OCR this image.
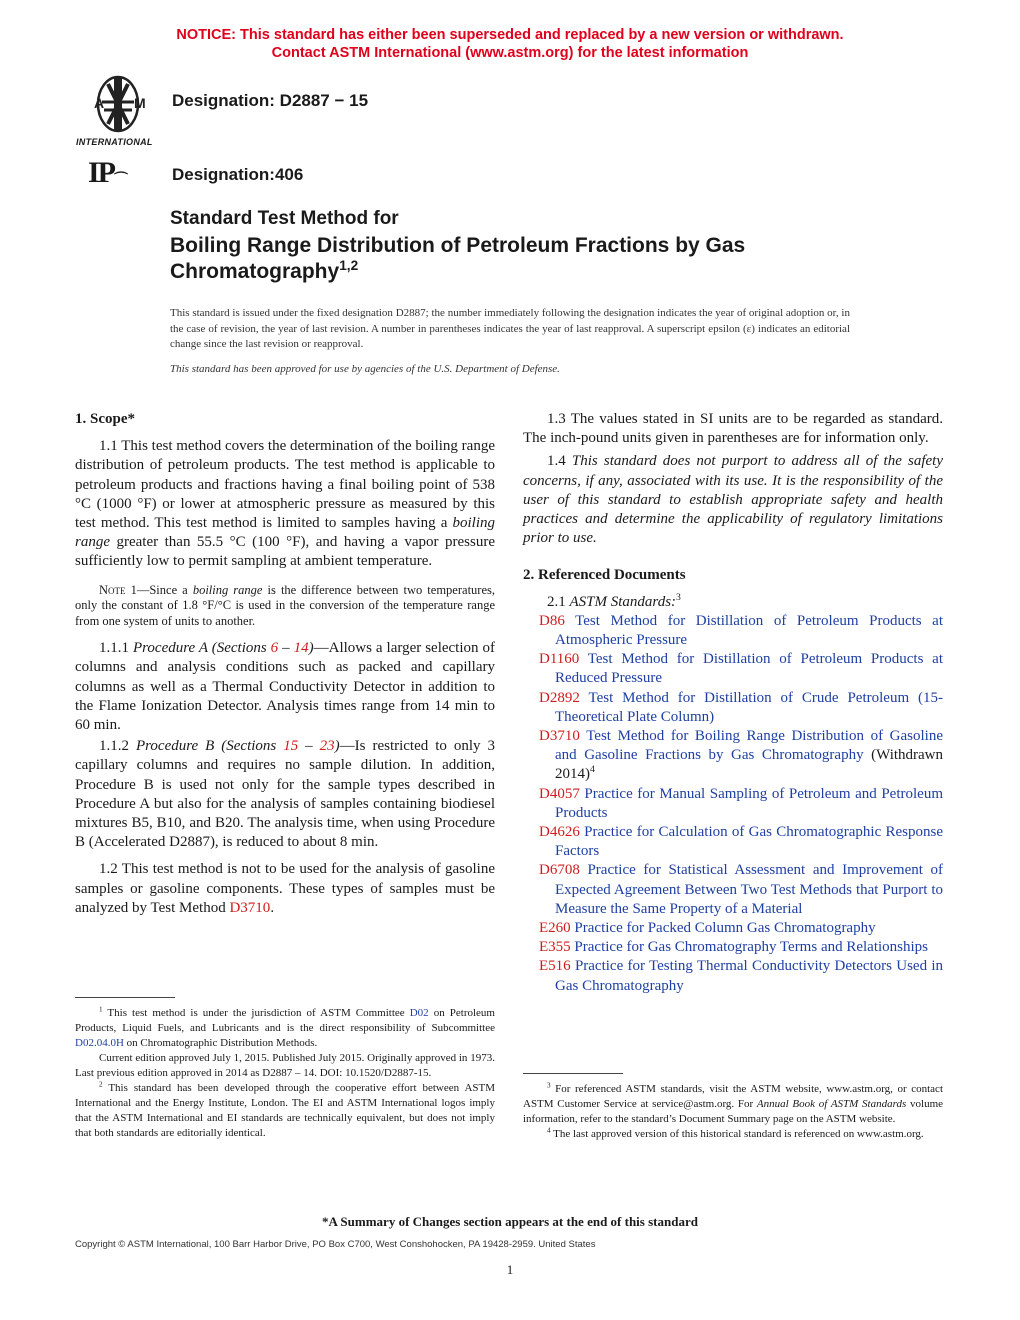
NOTICE: This standard has either been superseded and replaced by a new version or withdrawn.
Contact ASTM International (www.astm.org) for the latest information
A M
INTERNATIONAL
Designation: D2887 − 15
IP⌒	Designation:406
Standard Test Method for
Boiling Range Distribution of Petroleum Fractions by Gas
Chromatography$^{1,2}$
This standard is issued under the fixed designation D2887; the number immediately following the designation indicates the year of original adoption or, in the case of revision, the year of last revision. A number in parentheses indicates the year of last reapproval. A superscript epsilon (ε) indicates an editorial change since the last revision or reapproval.
This standard has been approved for use by agencies of the U.S. Department of Defense.

1. Scope*

1.1 This test method covers the determination of the boiling range distribution of petroleum products. The test method is applicable to petroleum products and fractions having a final boiling point of 538 °C (1000 °F) or lower at atmospheric pressure as measured by this test method. This test method is limited to samples having a boiling range greater than 55.5 °C (100 °F), and having a vapor pressure sufficiently low to permit sampling at ambient temperature.

Note 1—Since a boiling range is the difference between two temperatures, only the constant of 1.8 °F/°C is used in the conversion of the temperature range from one system of units to another.

1.1.1 Procedure A (Sections 6 – 14)—Allows a larger selection of columns and analysis conditions such as packed and capillary columns as well as a Thermal Conductivity Detector in addition to the Flame Ionization Detector. Analysis times range from 14 min to 60 min.

1.1.2 Procedure B (Sections 15 – 23)—Is restricted to only 3 capillary columns and requires no sample dilution. In addition, Procedure B is used not only for the sample types described in Procedure A but also for the analysis of samples containing biodiesel mixtures B5, B10, and B20. The analysis time, when using Procedure B (Accelerated D2887), is reduced to about 8 min.

1.2 This test method is not to be used for the analysis of gasoline samples or gasoline components. These types of samples must be analyzed by Test Method D3710.

1.3 The values stated in SI units are to be regarded as standard. The inch-pound units given in parentheses are for information only.

1.4 This standard does not purport to address all of the safety concerns, if any, associated with its use. It is the responsibility of the user of this standard to establish appropriate safety and health practices and determine the applicability of regulatory limitations prior to use.

2. Referenced Documents

2.1 ASTM Standards:$^3$

D86 Test Method for Distillation of Petroleum Products at Atmospheric Pressure

D1160 Test Method for Distillation of Petroleum Products at Reduced Pressure

D2892 Test Method for Distillation of Crude Petroleum (15-Theoretical Plate Column)

D3710 Test Method for Boiling Range Distribution of Gasoline and Gasoline Fractions by Gas Chromatography (Withdrawn 2014)$^4$

D4057 Practice for Manual Sampling of Petroleum and Petroleum Products

D4626 Practice for Calculation of Gas Chromatographic Response Factors

D6708 Practice for Statistical Assessment and Improvement of Expected Agreement Between Two Test Methods that Purport to Measure the Same Property of a Material

E260 Practice for Packed Column Gas Chromatography

E355 Practice for Gas Chromatography Terms and Relationships

E516 Practice for Testing Thermal Conductivity Detectors Used in Gas Chromatography

$^1$ This test method is under the jurisdiction of ASTM Committee D02 on Petroleum Products, Liquid Fuels, and Lubricants and is the direct responsibility of Subcommittee D02.04.0H on Chromatographic Distribution Methods.

Current edition approved July 1, 2015. Published July 2015. Originally approved in 1973. Last previous edition approved in 2014 as D2887 – 14. DOI: 10.1520/D2887-15.

$^2$ This standard has been developed through the cooperative effort between ASTM International and the Energy Institute, London. The EI and ASTM International logos imply that the ASTM International and EI standards are technically equivalent, but does not imply that both standards are editorially identical.

$^3$ For referenced ASTM standards, visit the ASTM website, www.astm.org, or contact ASTM Customer Service at service@astm.org. For Annual Book of ASTM Standards volume information, refer to the standard’s Document Summary page on the ASTM website.

$^4$ The last approved version of this historical standard is referenced on www.astm.org.

*A Summary of Changes section appears at the end of this standard
Copyright © ASTM International, 100 Barr Harbor Drive, PO Box C700, West Conshohocken, PA 19428-2959. United States
1
